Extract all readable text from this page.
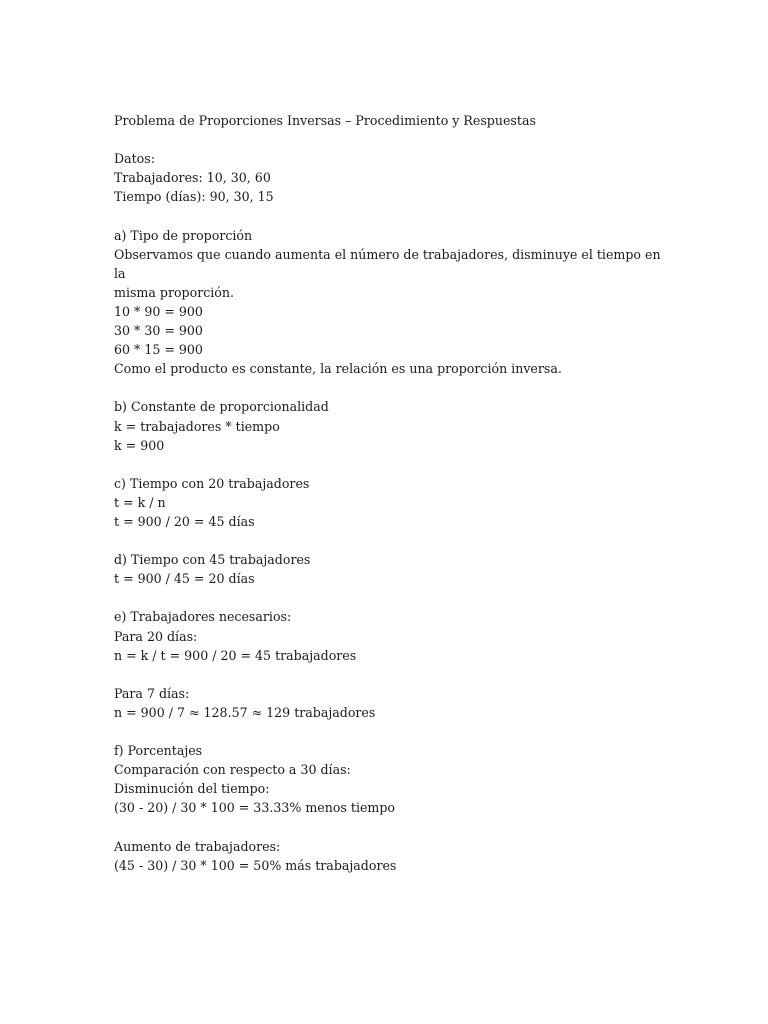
Problema de Proporciones Inversas – Procedimiento y Respuestas
Datos:
Trabajadores: 10, 30, 60
Tiempo (días): 90, 30, 15
a) Tipo de proporción
Observamos que cuando aumenta el número de trabajadores, disminuye el tiempo en la
misma proporción.
10 * 90 = 900
30 * 30 = 900
60 * 15 = 900
Como el producto es constante, la relación es una proporción inversa.
b) Constante de proporcionalidad
k = trabajadores * tiempo
k = 900
c) Tiempo con 20 trabajadores
t = k / n
t = 900 / 20 = 45 días
d) Tiempo con 45 trabajadores
t = 900 / 45 = 20 días
e) Trabajadores necesarios:
Para 20 días:
n = k / t = 900 / 20 = 45 trabajadores
Para 7 días:
n = 900 / 7 ≈ 128.57 ≈ 129 trabajadores
f) Porcentajes
Comparación con respecto a 30 días:
Disminución del tiempo:
(30 - 20) / 30 * 100 = 33.33% menos tiempo
Aumento de trabajadores:
(45 - 30) / 30 * 100 = 50% más trabajadores
